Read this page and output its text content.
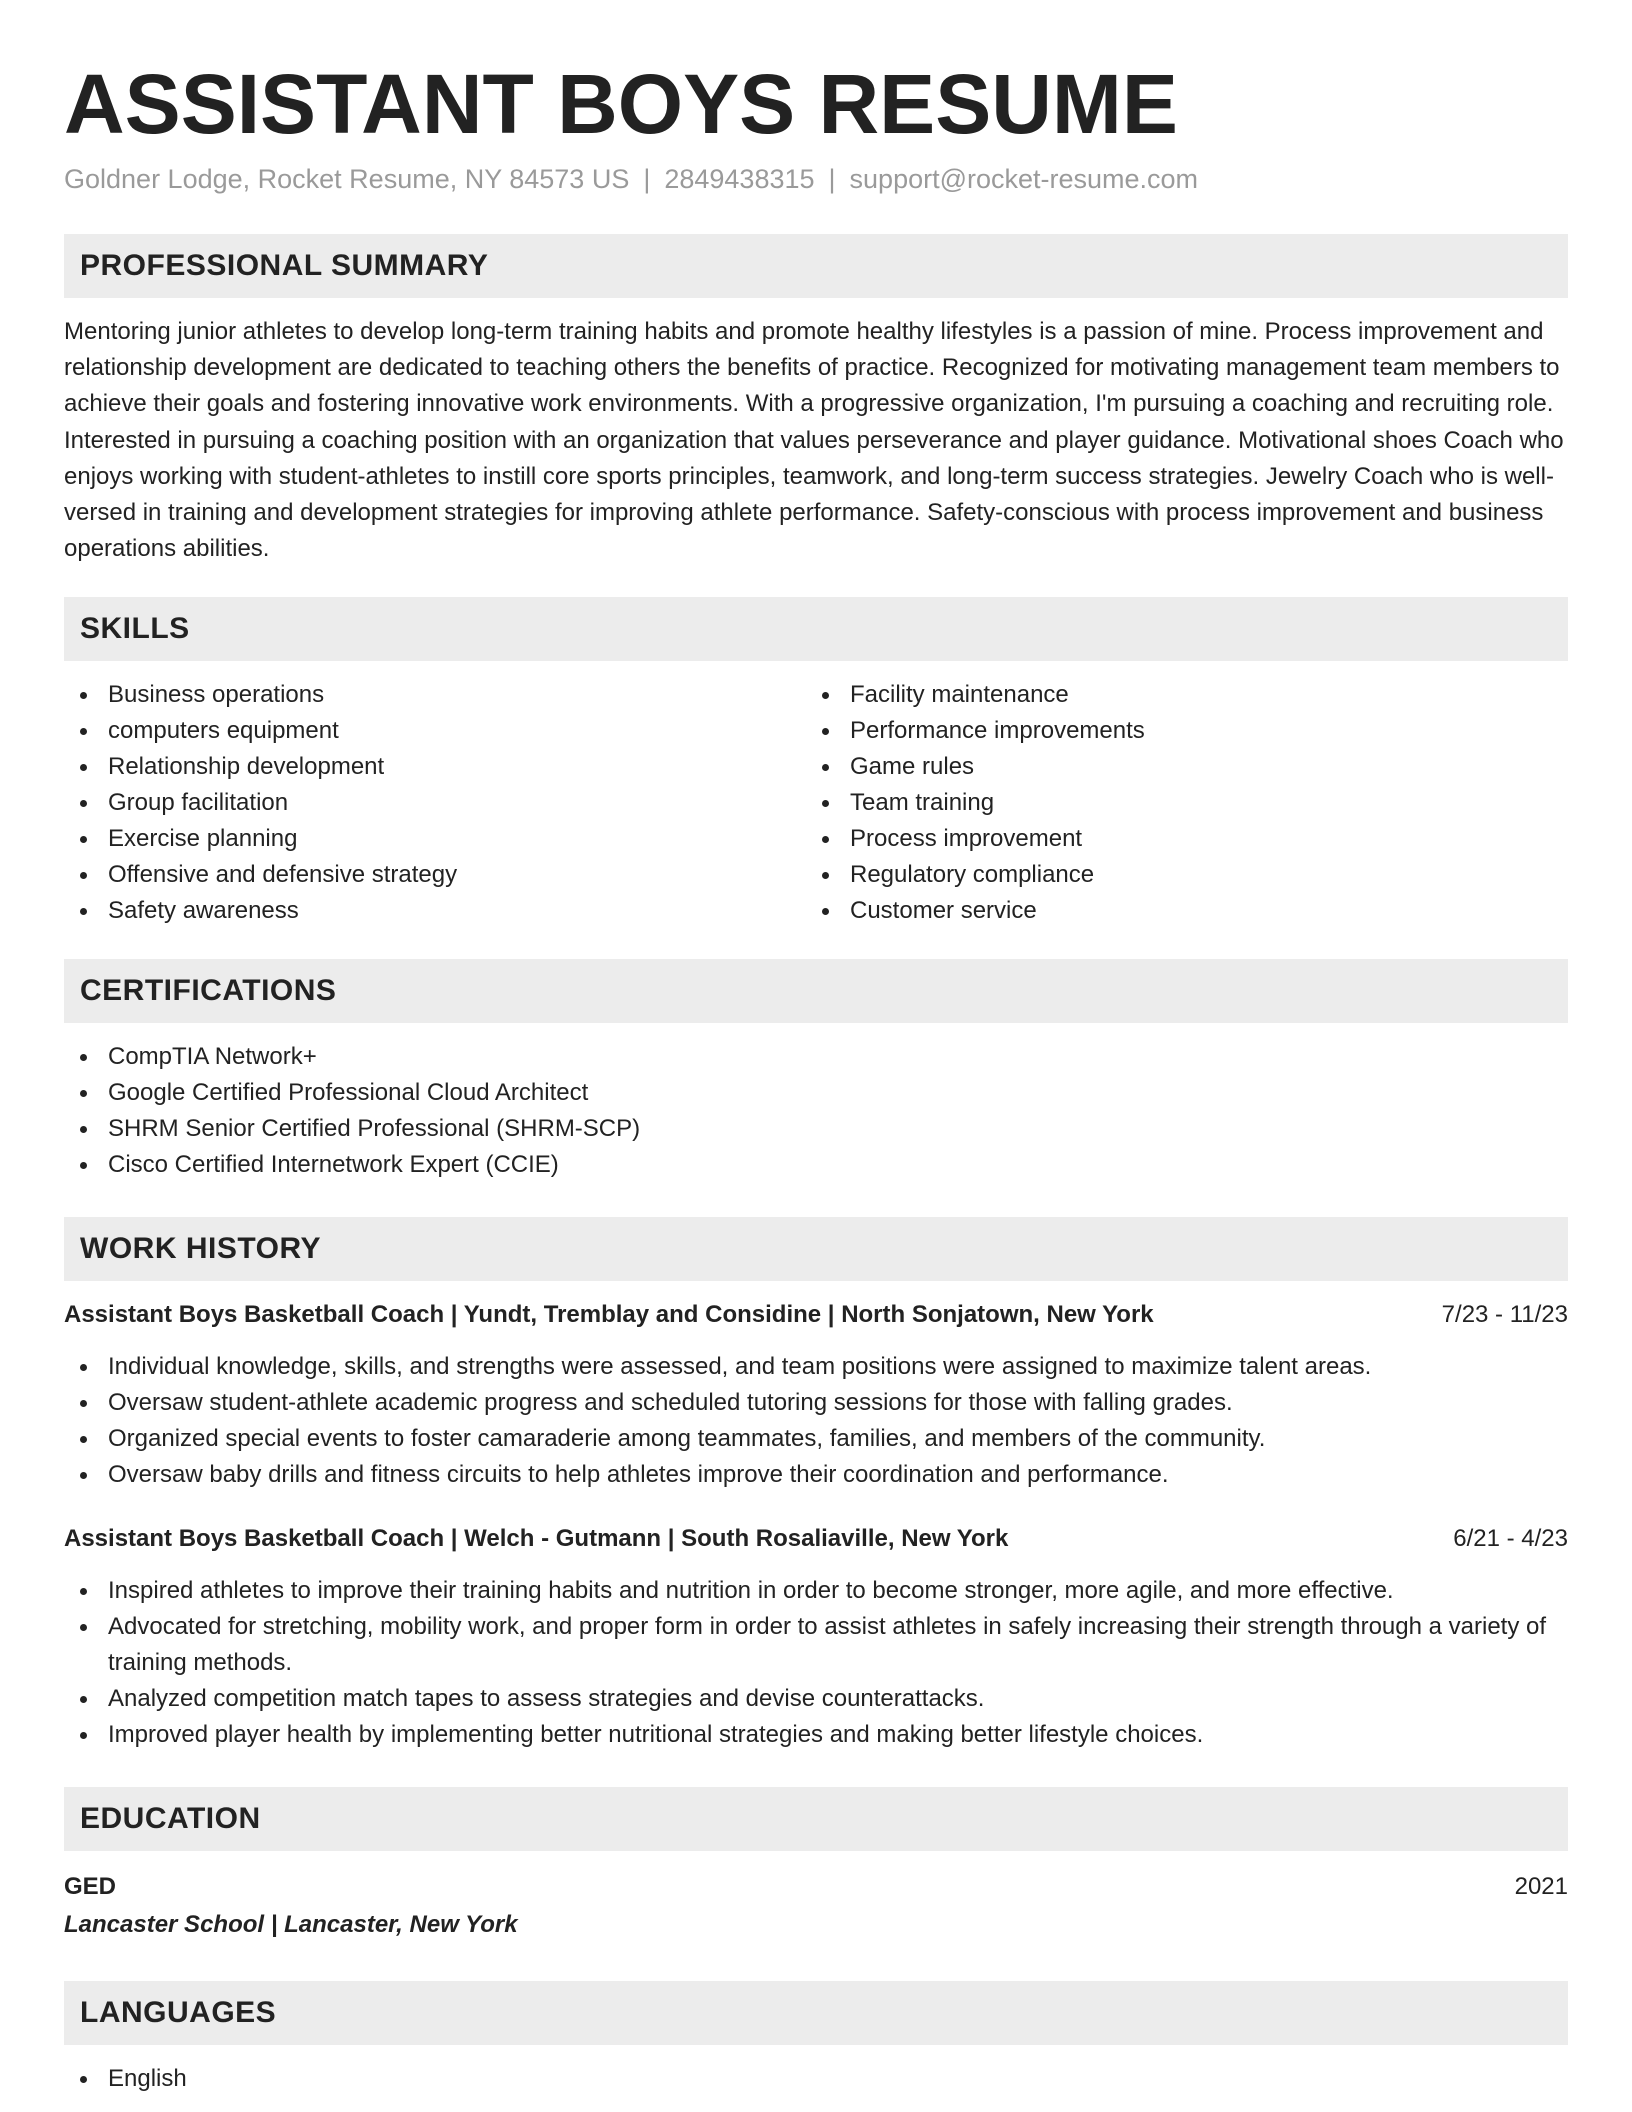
ASSISTANT BOYS RESUME
Goldner Lodge, Rocket Resume, NY 84573 US | 2849438315 | support@rocket-resume.com
PROFESSIONAL SUMMARY

Mentoring junior athletes to develop long-term training habits and promote healthy lifestyles is a passion of mine. Process improvement and relationship development are dedicated to teaching others the benefits of practice. Recognized for motivating management team members to achieve their goals and fostering innovative work environments. With a progressive organization, I'm pursuing a coaching and recruiting role. Interested in pursuing a coaching position with an organization that values perseverance and player guidance. Motivational shoes Coach who enjoys working with student-athletes to instill core sports principles, teamwork, and long-term success strategies. Jewelry Coach who is well-versed in training and development strategies for improving athlete performance. Safety-conscious with process improvement and business operations abilities.

SKILLS
Business operations
computers equipment
Relationship development
Group facilitation
Exercise planning
Offensive and defensive strategy
Safety awareness
Facility maintenance
Performance improvements
Game rules
Team training
Process improvement
Regulatory compliance
Customer service
CERTIFICATIONS
CompTIA Network+
Google Certified Professional Cloud Architect
SHRM Senior Certified Professional (SHRM-SCP)
Cisco Certified Internetwork Expert (CCIE)
WORK HISTORY
Assistant Boys Basketball Coach | Yundt, Tremblay and Considine | North Sonjatown, New York	7/23 - 11/23
Individual knowledge, skills, and strengths were assessed, and team positions were assigned to maximize talent areas.
Oversaw student-athlete academic progress and scheduled tutoring sessions for those with falling grades.
Organized special events to foster camaraderie among teammates, families, and members of the community.
Oversaw baby drills and fitness circuits to help athletes improve their coordination and performance.
Assistant Boys Basketball Coach | Welch - Gutmann | South Rosaliaville, New York	6/21 - 4/23
Inspired athletes to improve their training habits and nutrition in order to become stronger, more agile, and more effective.
Advocated for stretching, mobility work, and proper form in order to assist athletes in safely increasing their strength through a variety of training methods.
Analyzed competition match tapes to assess strategies and devise counterattacks.
Improved player health by implementing better nutritional strategies and making better lifestyle choices.
EDUCATION
GED	2021
Lancaster School | Lancaster, New York
LANGUAGES
English
